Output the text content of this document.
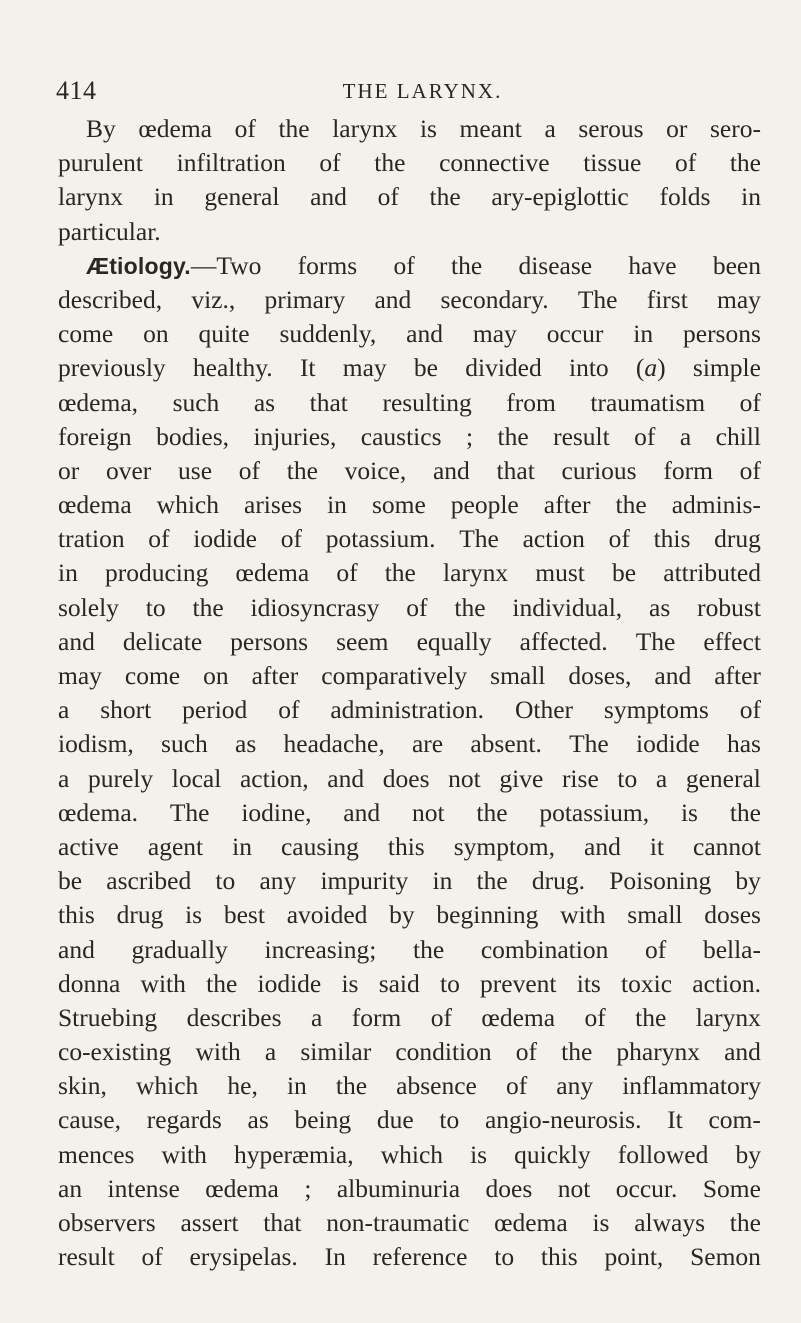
414	THE LARYNX.
By œdema of the larynx is meant a serous or sero-
purulent infiltration of the connective tissue of the
larynx in general and of the ary-epiglottic folds in
particular.
Ætiology.—Two forms of the disease have been
described, viz., primary and secondary. The first may
come on quite suddenly, and may occur in persons
previously healthy. It may be divided into (a) simple
œdema, such as that resulting from traumatism of
foreign bodies, injuries, caustics ; the result of a chill
or over use of the voice, and that curious form of
œdema which arises in some people after the adminis-
tration of iodide of potassium. The action of this drug
in producing œdema of the larynx must be attributed
solely to the idiosyncrasy of the individual, as robust
and delicate persons seem equally affected. The effect
may come on after comparatively small doses, and after
a short period of administration. Other symptoms of
iodism, such as headache, are absent. The iodide has
a purely local action, and does not give rise to a general
œdema. The iodine, and not the potassium, is the
active agent in causing this symptom, and it cannot
be ascribed to any impurity in the drug. Poisoning by
this drug is best avoided by beginning with small doses
and gradually increasing; the combination of bella-
donna with the iodide is said to prevent its toxic action.
Struebing describes a form of œdema of the larynx
co-existing with a similar condition of the pharynx and
skin, which he, in the absence of any inflammatory
cause, regards as being due to angio-neurosis. It com-
mences with hyperæmia, which is quickly followed by
an intense œdema ; albuminuria does not occur. Some
observers assert that non-traumatic œdema is always the
result of erysipelas. In reference to this point, Semon
